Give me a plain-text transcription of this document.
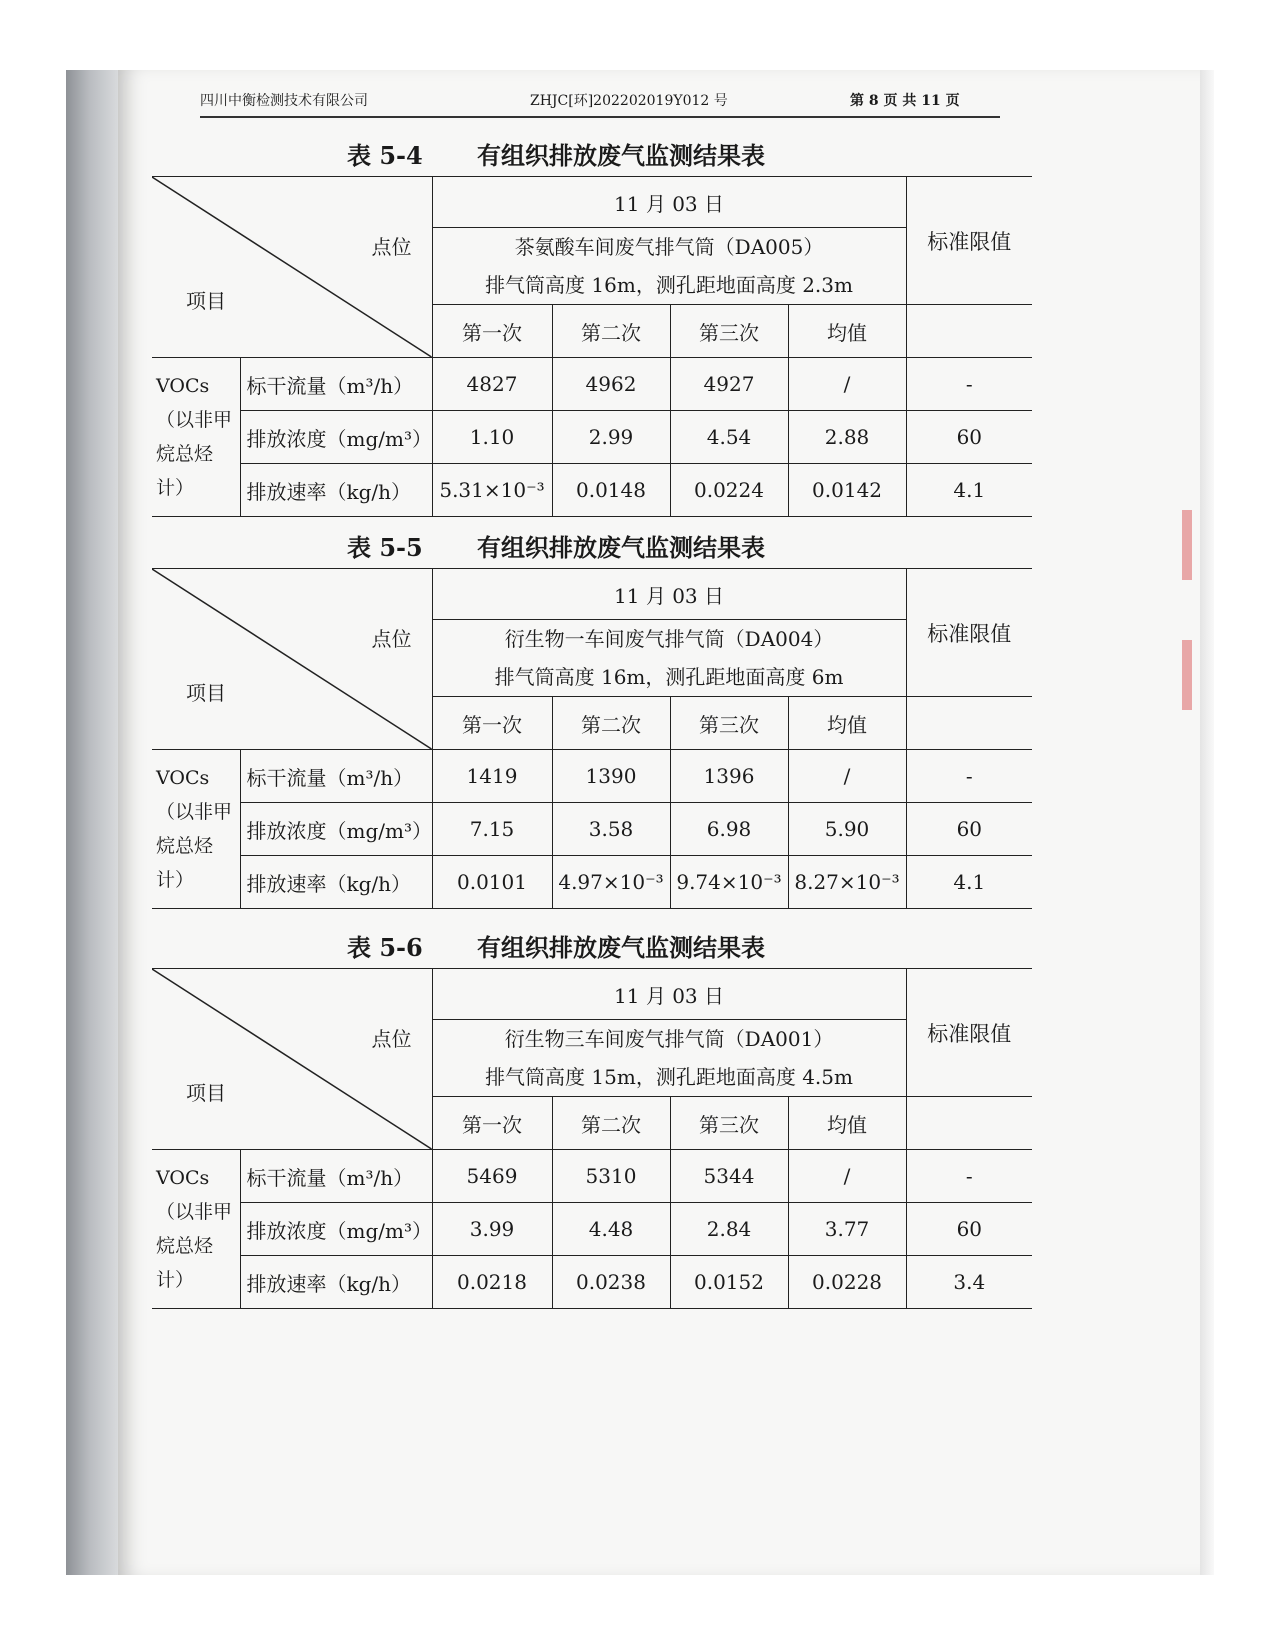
四川中衡检测技术有限公司	ZHJC[环]202202019Y012 号	第 8 页 共 11 页
表 5-4 有组织排放废气监测结果表
点位
项目		11 月 03 日				标准限值

		茶氨酸车间废气排气筒（DA005）
排气筒高度 16m，测孔距地面高度 2.3m				

		第一次	第二次	第三次	均值	
VOCs（以非甲烷总烃计）	标干流量（m³/h）	4827	4962	4927	/	-
	排放浓度（mg/m³）	1.10	2.99	4.54	2.88	60
	排放速率（kg/h）	5.31×10⁻³	0.0148	0.0224	0.0142	4.1
表 5-5 有组织排放废气监测结果表
点位
项目		11 月 03 日				标准限值

		衍生物一车间废气排气筒（DA004）
排气筒高度 16m，测孔距地面高度 6m				

		第一次	第二次	第三次	均值	
VOCs（以非甲烷总烃计）	标干流量（m³/h）	1419	1390	1396	/	-
	排放浓度（mg/m³）	7.15	3.58	6.98	5.90	60
	排放速率（kg/h）	0.0101	4.97×10⁻³	9.74×10⁻³	8.27×10⁻³	4.1
表 5-6 有组织排放废气监测结果表
点位
项目		11 月 03 日				标准限值

		衍生物三车间废气排气筒（DA001）
排气筒高度 15m，测孔距地面高度 4.5m				

		第一次	第二次	第三次	均值	
VOCs（以非甲烷总烃计）	标干流量（m³/h）	5469	5310	5344	/	-
	排放浓度（mg/m³）	3.99	4.48	2.84	3.77	60
	排放速率（kg/h）	0.0218	0.0238	0.0152	0.0228	3.4
